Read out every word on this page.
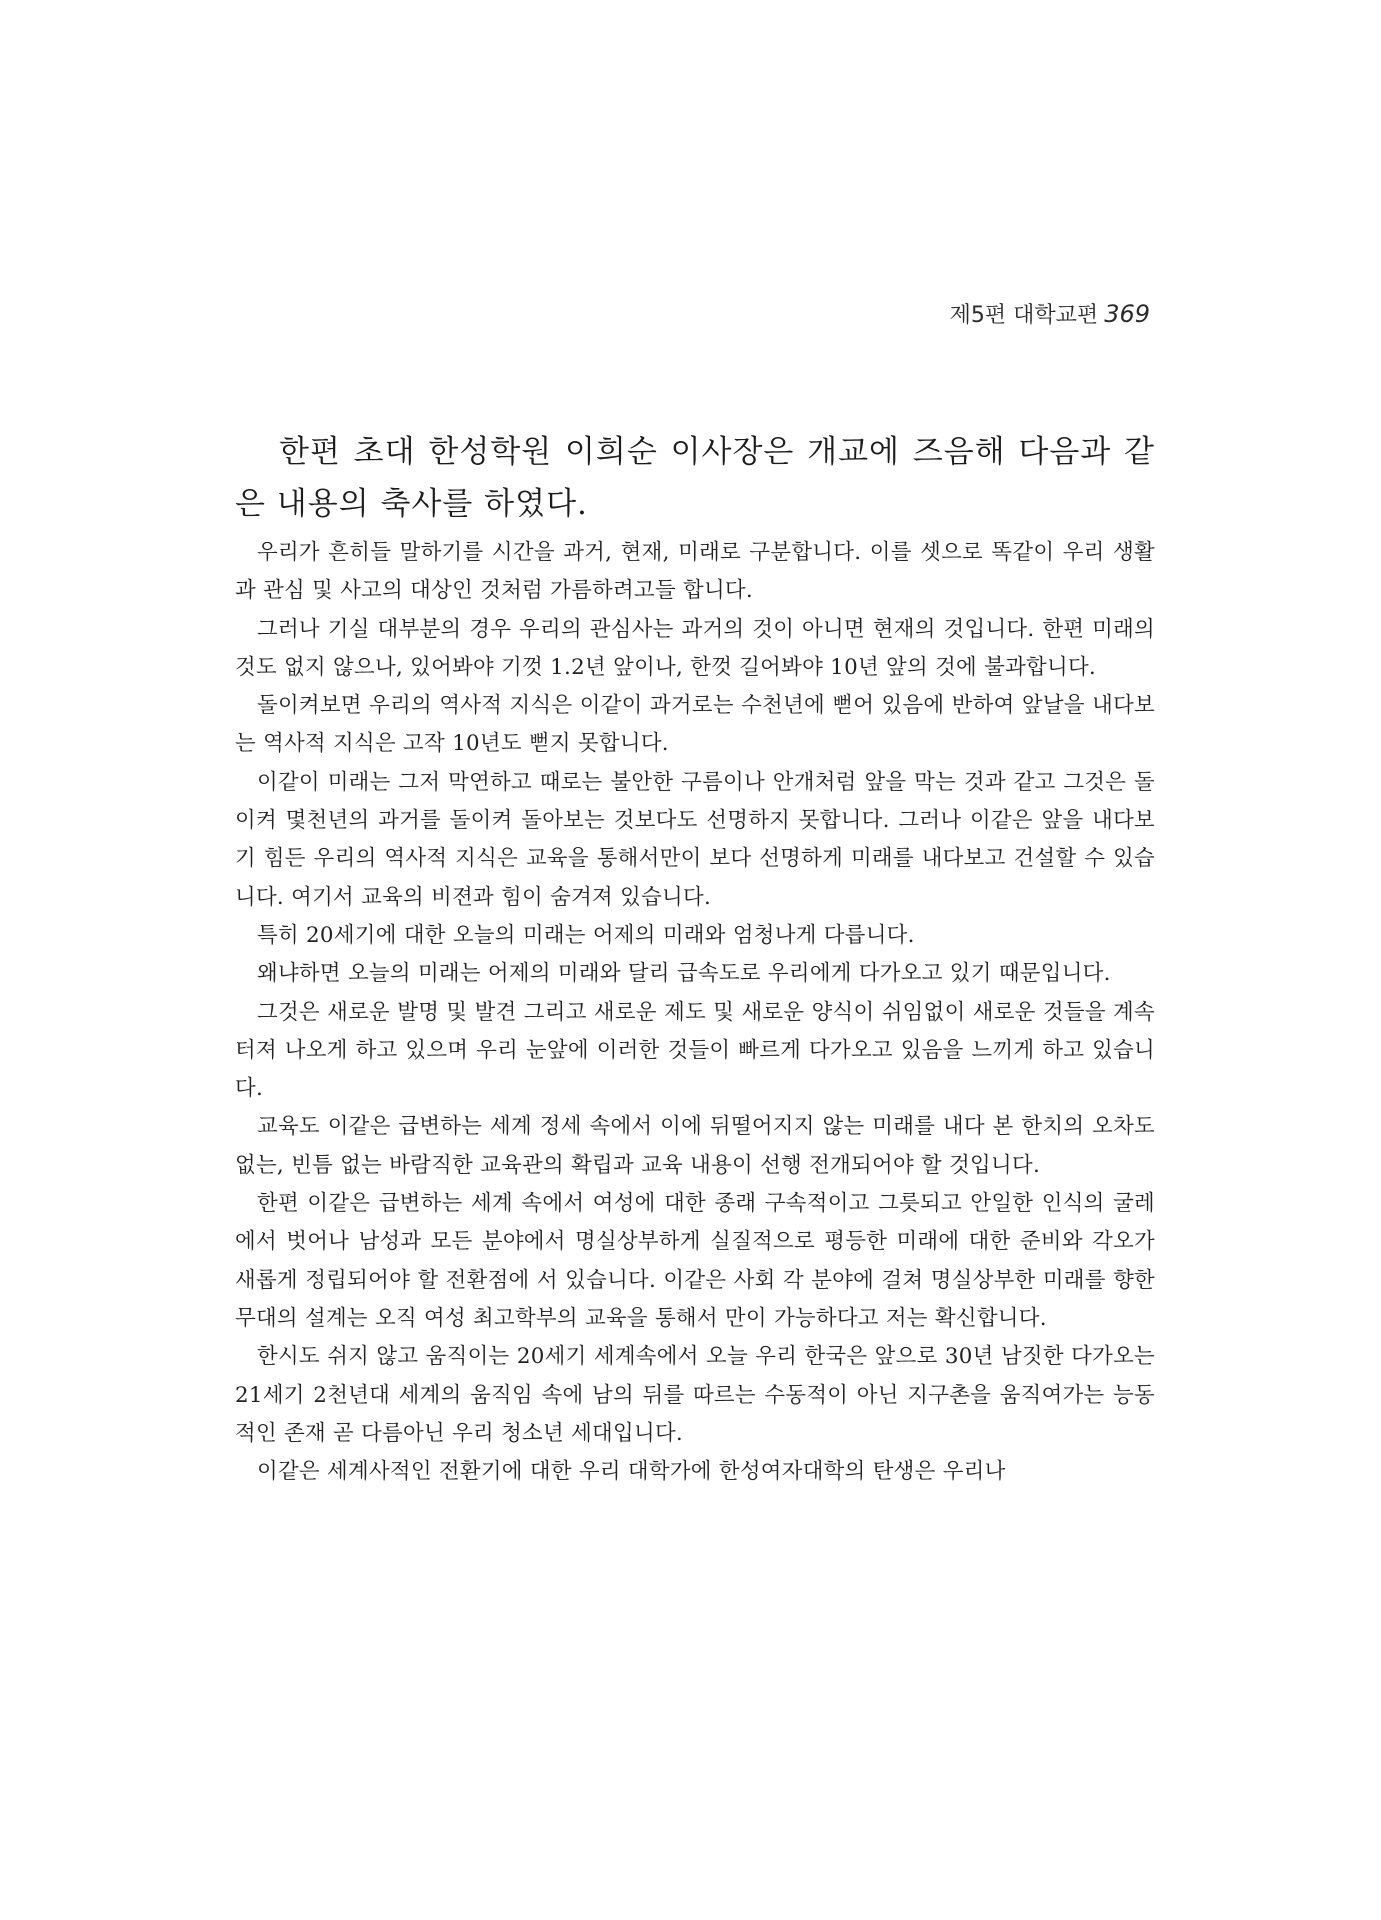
제5편 대학교편 369

한편 초대 한성학원 이희순 이사장은 개교에 즈음해 다음과 같은 내용의 축사를 하였다.

우리가 흔히들 말하기를 시간을 과거, 현재, 미래로 구분합니다. 이를 셋으로 똑같이 우리 생활과 관심 및 사고의 대상인 것처럼 가름하려고들 합니다.

그러나 기실 대부분의 경우 우리의 관심사는 과거의 것이 아니면 현재의 것입니다. 한편 미래의 것도 없지 않으나, 있어봐야 기껏 1.2년 앞이나, 한껏 길어봐야 10년 앞의 것에 불과합니다.

돌이켜보면 우리의 역사적 지식은 이같이 과거로는 수천년에 뻗어 있음에 반하여 앞날을 내다보는 역사적 지식은 고작 10년도 뻗지 못합니다.

이같이 미래는 그저 막연하고 때로는 불안한 구름이나 안개처럼 앞을 막는 것과 같고 그것은 돌이켜 몇천년의 과거를 돌이켜 돌아보는 것보다도 선명하지 못합니다. 그러나 이같은 앞을 내다보기 힘든 우리의 역사적 지식은 교육을 통해서만이 보다 선명하게 미래를 내다보고 건설할 수 있습니다. 여기서 교육의 비젼과 힘이 숨겨져 있습니다.

특히 20세기에 대한 오늘의 미래는 어제의 미래와 엄청나게 다릅니다.

왜냐하면 오늘의 미래는 어제의 미래와 달리 급속도로 우리에게 다가오고 있기 때문입니다.

그것은 새로운 발명 및 발견 그리고 새로운 제도 및 새로운 양식이 쉬임없이 새로운 것들을 계속 터져 나오게 하고 있으며 우리 눈앞에 이러한 것들이 빠르게 다가오고 있음을 느끼게 하고 있습니다.

교육도 이같은 급변하는 세계 정세 속에서 이에 뒤떨어지지 않는 미래를 내다 본 한치의 오차도 없는, 빈틈 없는 바람직한 교육관의 확립과 교육 내용이 선행 전개되어야 할 것입니다.

한편 이같은 급변하는 세계 속에서 여성에 대한 종래 구속적이고 그릇되고 안일한 인식의 굴레에서 벗어나 남성과 모든 분야에서 명실상부하게 실질적으로 평등한 미래에 대한 준비와 각오가 새롭게 정립되어야 할 전환점에 서 있습니다. 이같은 사회 각 분야에 걸쳐 명실상부한 미래를 향한 무대의 설계는 오직 여성 최고학부의 교육을 통해서 만이 가능하다고 저는 확신합니다.

한시도 쉬지 않고 움직이는 20세기 세계속에서 오늘 우리 한국은 앞으로 30년 남짓한 다가오는 21세기 2천년대 세계의 움직임 속에 남의 뒤를 따르는 수동적이 아닌 지구촌을 움직여가는 능동적인 존재 곧 다름아닌 우리 청소년 세대입니다.

이같은 세계사적인 전환기에 대한 우리 대학가에 한성여자대학의 탄생은 우리나
